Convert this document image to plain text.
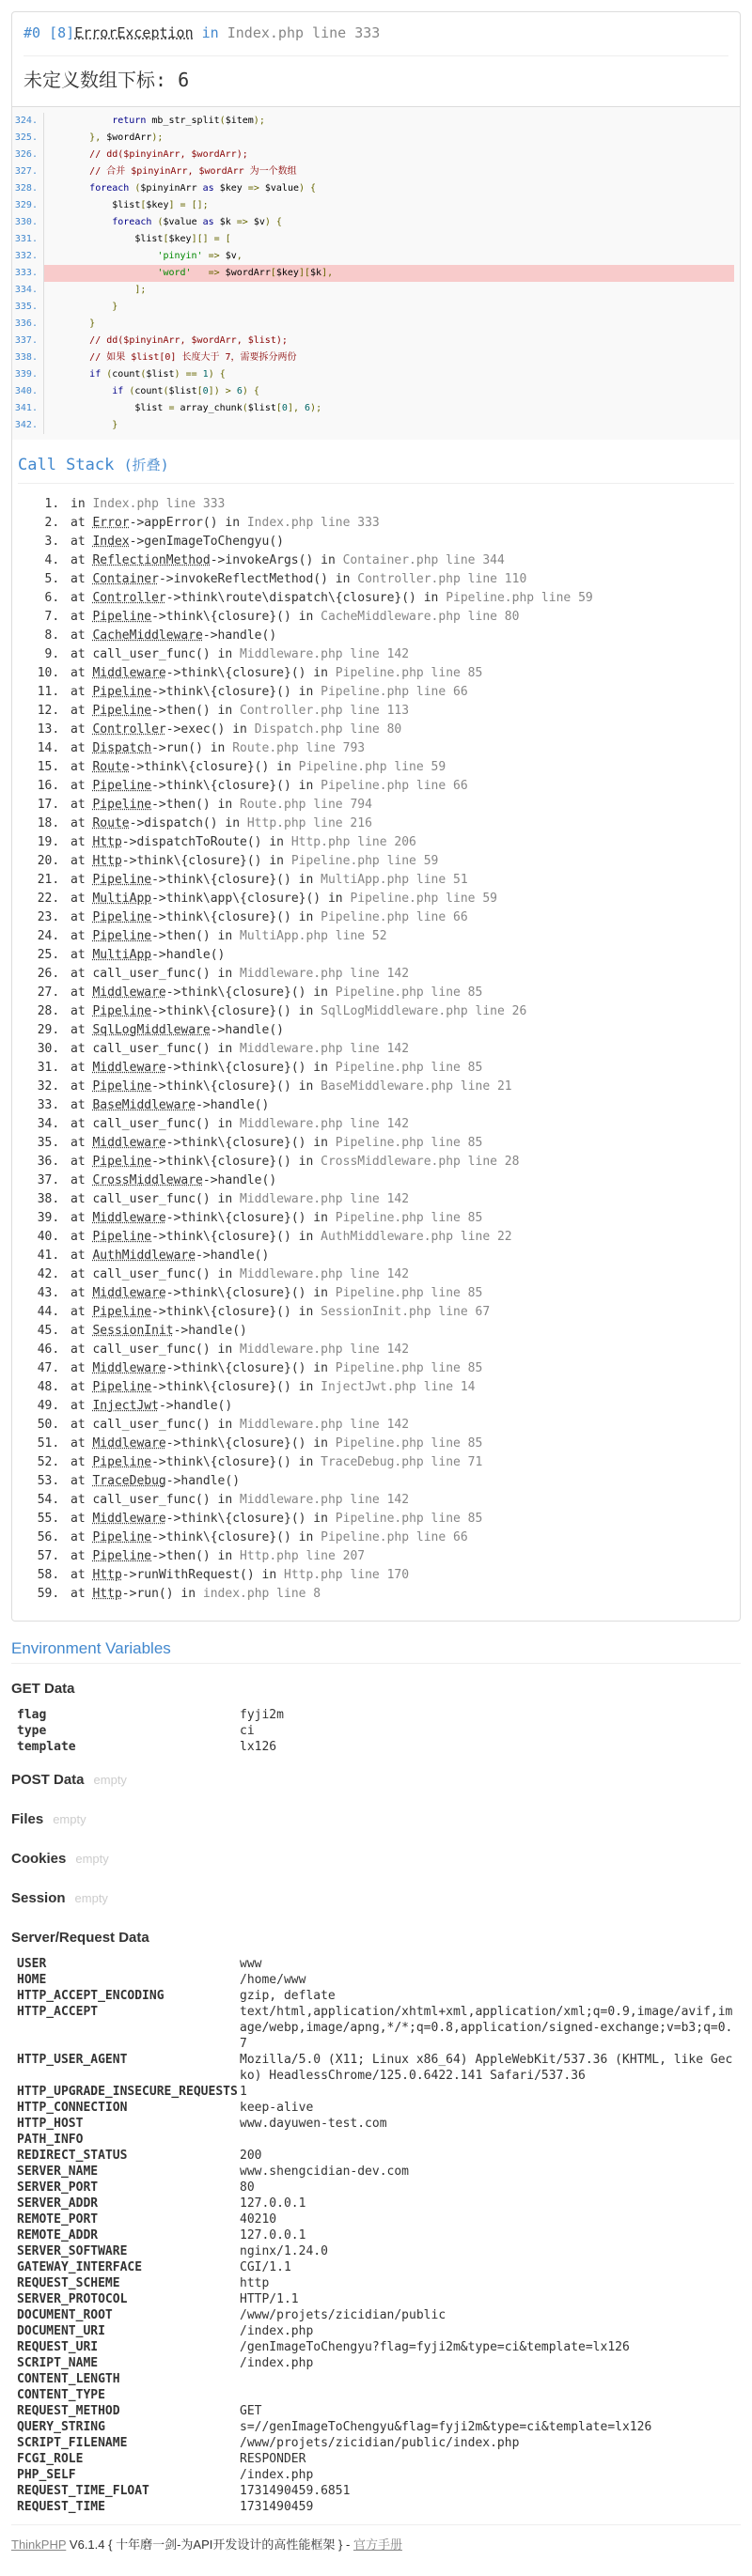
#0 [8]ErrorException in Index.php line 333
未定义数组下标: 6
324. return mb_str_split($item);
325. }, $wordArr);
326. // dd($pinyinArr, $wordArr);
327. // 合并 $pinyinArr, $wordArr 为一个数组
328. foreach ($pinyinArr as $key => $value) {
329.             $list[$key] = [];
330. foreach ($value as $k => $v) {
331.                 $list[$key][] = [
332. 'pinyin' => $v,
333. 'word' => $wordArr[$key][$k],
334. ];
335. }
336. }
337. // dd($pinyinArr, $wordArr, $list);
338. // 如果 $list[0] 长度大于 7，需要拆分两份
339. if (count($list) == 1) {
340. if (count($list[0]) > 6) {
341.                 $list = array_chunk($list[0], 6);
342. }
Call Stack (折叠)
1. in Index.php line 333
2. at Error->appError() in Index.php line 333
3. at Index->genImageToChengyu()
4. at ReflectionMethod->invokeArgs() in Container.php line 344
5. at Container->invokeReflectMethod() in Controller.php line 110
6. at Controller->think\route\dispatch\{closure}() in Pipeline.php line 59
7. at Pipeline->think\{closure}() in CacheMiddleware.php line 80
8. at CacheMiddleware->handle()
9. at call_user_func() in Middleware.php line 142
10. at Middleware->think\{closure}() in Pipeline.php line 85
11. at Pipeline->think\{closure}() in Pipeline.php line 66
12. at Pipeline->then() in Controller.php line 113
13. at Controller->exec() in Dispatch.php line 80
14. at Dispatch->run() in Route.php line 793
15. at Route->think\{closure}() in Pipeline.php line 59
16. at Pipeline->think\{closure}() in Pipeline.php line 66
17. at Pipeline->then() in Route.php line 794
18. at Route->dispatch() in Http.php line 216
19. at Http->dispatchToRoute() in Http.php line 206
20. at Http->think\{closure}() in Pipeline.php line 59
21. at Pipeline->think\{closure}() in MultiApp.php line 51
22. at MultiApp->think\app\{closure}() in Pipeline.php line 59
23. at Pipeline->think\{closure}() in Pipeline.php line 66
24. at Pipeline->then() in MultiApp.php line 52
25. at MultiApp->handle()
26. at call_user_func() in Middleware.php line 142
27. at Middleware->think\{closure}() in Pipeline.php line 85
28. at Pipeline->think\{closure}() in SqlLogMiddleware.php line 26
29. at SqlLogMiddleware->handle()
30. at call_user_func() in Middleware.php line 142
31. at Middleware->think\{closure}() in Pipeline.php line 85
32. at Pipeline->think\{closure}() in BaseMiddleware.php line 21
33. at BaseMiddleware->handle()
34. at call_user_func() in Middleware.php line 142
35. at Middleware->think\{closure}() in Pipeline.php line 85
36. at Pipeline->think\{closure}() in CrossMiddleware.php line 28
37. at CrossMiddleware->handle()
38. at call_user_func() in Middleware.php line 142
39. at Middleware->think\{closure}() in Pipeline.php line 85
40. at Pipeline->think\{closure}() in AuthMiddleware.php line 22
41. at AuthMiddleware->handle()
42. at call_user_func() in Middleware.php line 142
43. at Middleware->think\{closure}() in Pipeline.php line 85
44. at Pipeline->think\{closure}() in SessionInit.php line 67
45. at SessionInit->handle()
46. at call_user_func() in Middleware.php line 142
47. at Middleware->think\{closure}() in Pipeline.php line 85
48. at Pipeline->think\{closure}() in InjectJwt.php line 14
49. at InjectJwt->handle()
50. at call_user_func() in Middleware.php line 142
51. at Middleware->think\{closure}() in Pipeline.php line 85
52. at Pipeline->think\{closure}() in TraceDebug.php line 71
53. at TraceDebug->handle()
54. at call_user_func() in Middleware.php line 142
55. at Middleware->think\{closure}() in Pipeline.php line 85
56. at Pipeline->think\{closure}() in Pipeline.php line 66
57. at Pipeline->then() in Http.php line 207
58. at Http->runWithRequest() in Http.php line 170
59. at Http->run() in index.php line 8
Environment Variables
GET Data
flag	fyji2m
type	ci
template	lx126
POST Data empty
Files empty
Cookies empty
Session empty
Server/Request Data
USER	www
HOME	/home/www
HTTP_ACCEPT_ENCODING	gzip, deflate
HTTP_ACCEPT	text/html,application/xhtml+xml,application/xml;q=0.9,image/avif,image/webp,image/apng,*/*;q=0.8,application/signed-exchange;v=b3;q=0.7
HTTP_USER_AGENT	Mozilla/5.0 (X11; Linux x86_64) AppleWebKit/537.36 (KHTML, like Gecko) HeadlessChrome/125.0.6422.141 Safari/537.36
HTTP_UPGRADE_INSECURE_REQUESTS	1
HTTP_CONNECTION	keep-alive
HTTP_HOST	www.dayuwen-test.com
PATH_INFO	
REDIRECT_STATUS	200
SERVER_NAME	www.shengcidian-dev.com
SERVER_PORT	80
SERVER_ADDR	127.0.0.1
REMOTE_PORT	40210
REMOTE_ADDR	127.0.0.1
SERVER_SOFTWARE	nginx/1.24.0
GATEWAY_INTERFACE	CGI/1.1
REQUEST_SCHEME	http
SERVER_PROTOCOL	HTTP/1.1
DOCUMENT_ROOT	/www/projets/zicidian/public
DOCUMENT_URI	/index.php
REQUEST_URI	/genImageToChengyu?flag=fyji2m&type=ci&template=lx126
SCRIPT_NAME	/index.php
CONTENT_LENGTH	
CONTENT_TYPE	
REQUEST_METHOD	GET
QUERY_STRING	s=//genImageToChengyu&flag=fyji2m&type=ci&template=lx126
SCRIPT_FILENAME	/www/projets/zicidian/public/index.php
FCGI_ROLE	RESPONDER
PHP_SELF	/index.php
REQUEST_TIME_FLOAT	1731490459.6851
REQUEST_TIME	1731490459
ThinkPHP V6.1.4 { 十年磨一剑-为API开发设计的高性能框架 } - 官方手册
